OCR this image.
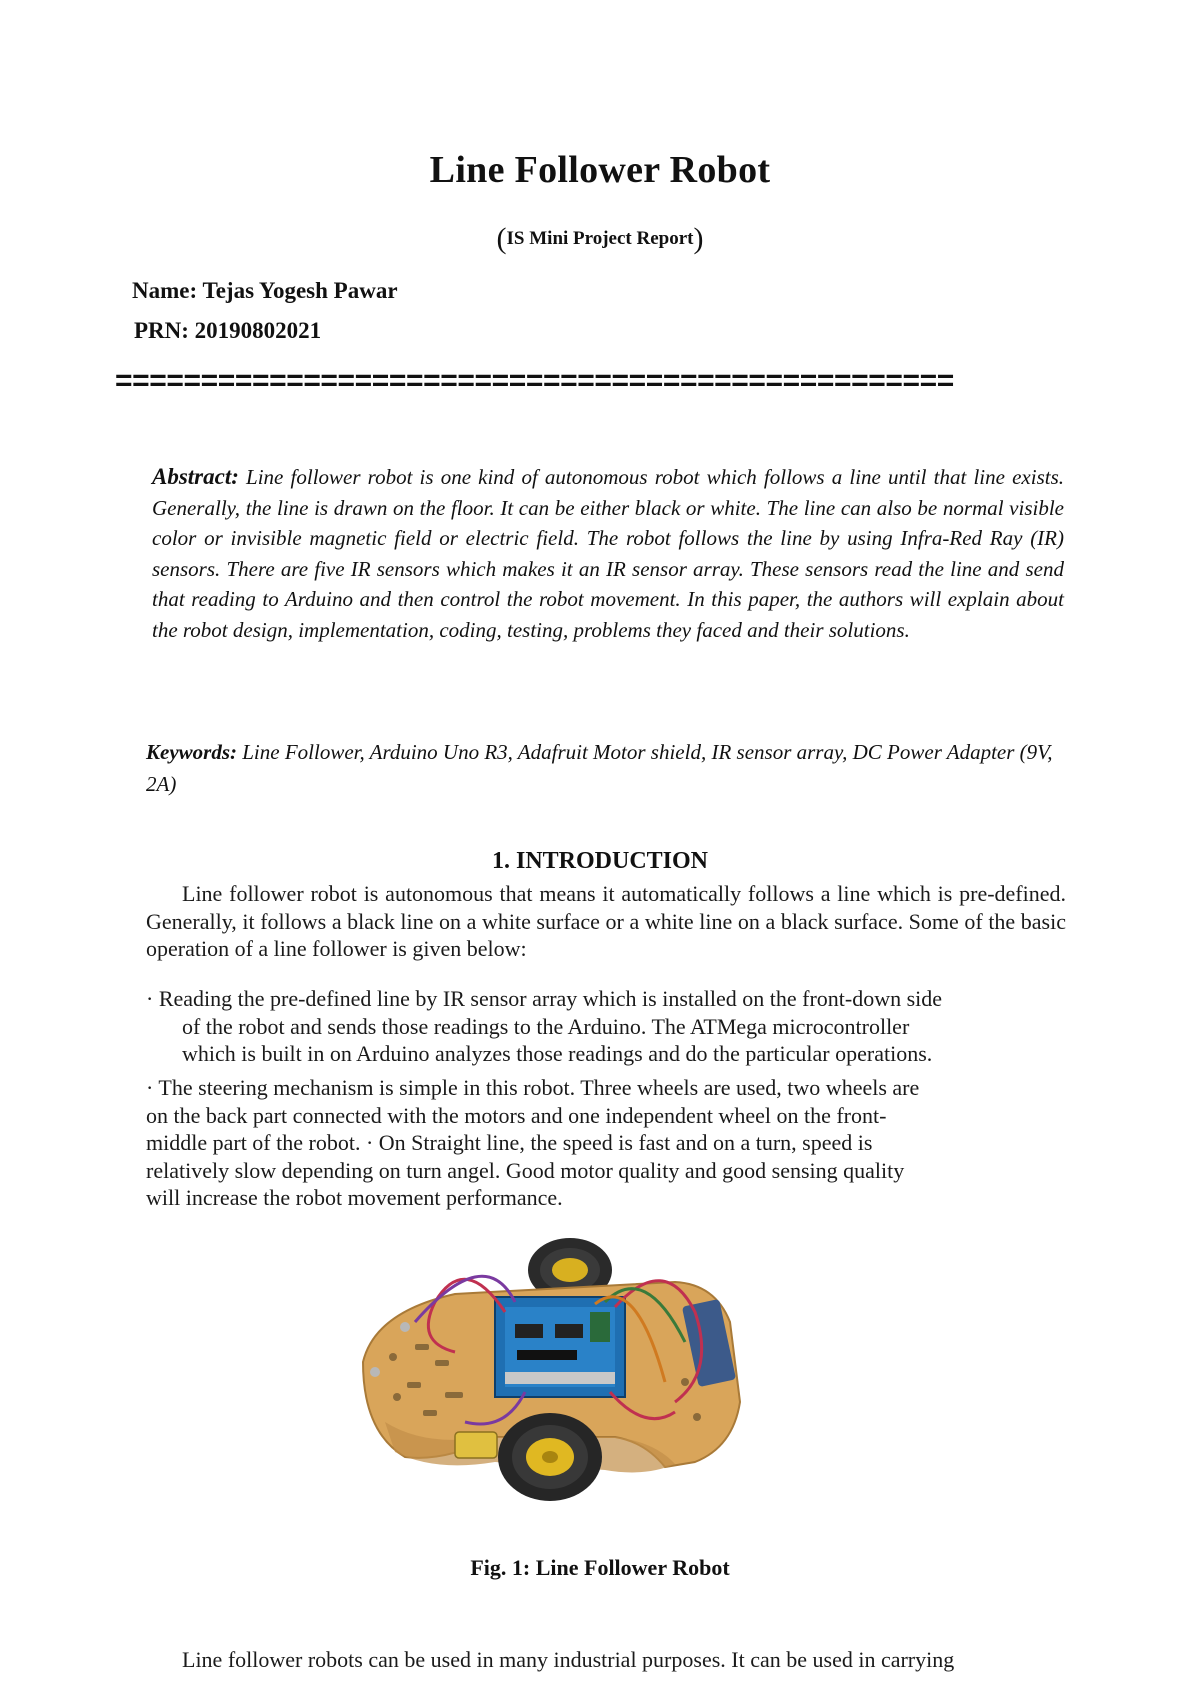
Line Follower Robot
(IS Mini Project Report)
Name: Tejas Yogesh Pawar
PRN: 20190802021
=================================================
Abstract: Line follower robot is one kind of autonomous robot which follows a line until that line exists. Generally, the line is drawn on the floor. It can be either black or white. The line can also be normal visible color or invisible magnetic field or electric field. The robot follows the line by using Infra-Red Ray (IR) sensors. There are five IR sensors which makes it an IR sensor array. These sensors read the line and send that reading to Arduino and then control the robot movement. In this paper, the authors will explain about the robot design, implementation, coding, testing, problems they faced and their solutions.
Keywords: Line Follower, Arduino Uno R3, Adafruit Motor shield, IR sensor array, DC Power Adapter (9V, 2A)
1. INTRODUCTION
Line follower robot is autonomous that means it automatically follows a line which is pre-defined. Generally, it follows a black line on a white surface or a white line on a black surface. Some of the basic operation of a line follower is given below:
· Reading the pre-defined line by IR sensor array which is installed on the front-down side
of the robot and sends those readings to the Arduino. The ATMega microcontroller
which is built in on Arduino analyzes those readings and do the particular operations.
· The steering mechanism is simple in this robot. Three wheels are used, two wheels are
on the back part connected with the motors and one independent wheel on the front-
middle part of the robot. · On Straight line, the speed is fast and on a turn, speed is
relatively slow depending on turn angel. Good motor quality and good sensing quality
will increase the robot movement performance.
Fig. 1: Line Follower Robot
Line follower robots can be used in many industrial purposes. It can be used in carrying
